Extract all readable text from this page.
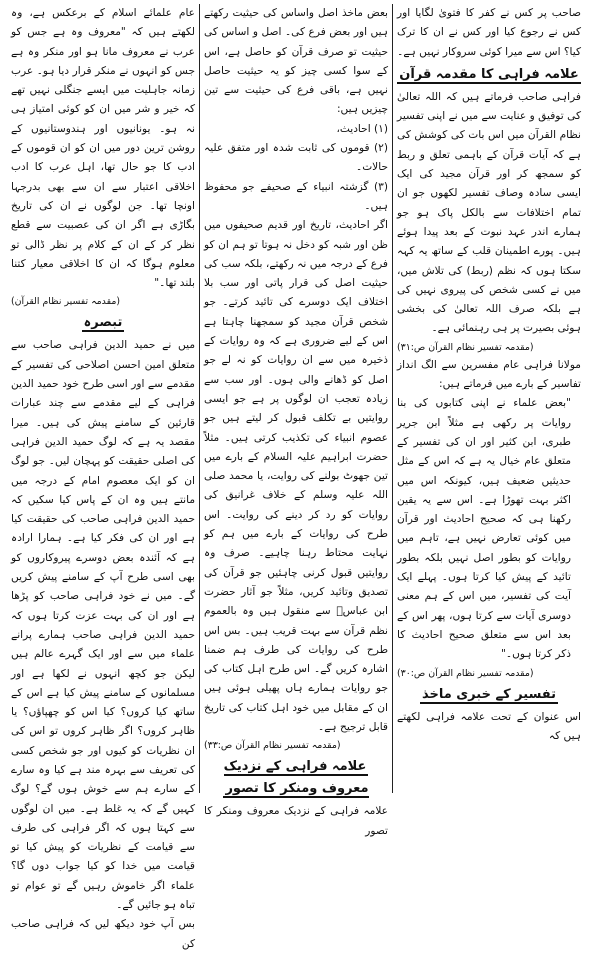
صاحب پر کس نے کفر کا فتویٰ لگایا اور کس نے رجوع کیا اور کس نے ان کا ترک کیا؟ اس سے میرا کوئی سروکار نہیں ہے۔

علامہ فراہی کا مقدمہ قرآن

فراہی صاحب فرماتے ہیں کہ اللہ تعالیٰ کی توفیق و عنایت سے میں نے اپنی تفسیر نظام القرآن میں اس بات کی کوشش کی ہے کہ آیات قرآن کے باہمی تعلق و ربط کو سمجھ کر اور قرآن مجید کی ایک ایسی سادہ وصاف تفسیر لکھوں جو ان تمام اختلافات سے بالکل پاک ہو جو ہمارے اندر عہد نبوت کے بعد پیدا ہوئے ہیں۔ پورے اطمینان قلب کے ساتھ یہ کہہ سکتا ہوں کہ نظم (ربط) کی تلاش میں، میں نے کسی شخص کی پیروی نہیں کی ہے بلکہ صرف اللہ تعالیٰ کی بخشی ہوئی بصیرت پر ہی رہنمائی ہے۔

(مقدمہ تفسیر نظام القرآن ص:۳۱)

مولانا فراہی عام مفسرین سے الگ انداز تفاسیر کے بارے میں فرماتے ہیں:

"بعض علماء نے اپنی کتابوں کی بنا روایات پر رکھی ہے مثلاً ابن جریر طبری، ابن کثیر اور ان کی تفسیر کے متعلق عام خیال یہ ہے کہ اس کے مثل حدیثیں ضعیف ہیں، کیونکہ اس میں اکثر بہت تھوڑا ہے۔ اس سے یہ یقین رکھنا ہی کہ صحیح احادیث اور قرآن میں کوئی تعارض نہیں ہے، تاہم میں روایات کو بطور اصل نہیں بلکہ بطور تائید کے پیش کیا کرتا ہوں۔ پہلے ایک آیت کی تفسیر، میں اس کے ہم معنی دوسری آیات سے کرتا ہوں، پھر اس کے بعد اس سے متعلق صحیح احادیث کا ذکر کرتا ہوں۔"

(مقدمہ تفسیر نظام القرآن ص:۳۰)

تفسیر کے خبری ماخذ

اس عنوان کے تحت علامہ فراہی لکھتے ہیں کہ

بعض ماخذ اصل واساس کی حیثیت رکھتے ہیں اور بعض فرع کی۔ اصل و اساس کی حیثیت تو صرف قرآن کو حاصل ہے، اس کے سوا کسی چیز کو یہ حیثیت حاصل نہیں ہے، باقی فرع کی حیثیت سے تین چیزیں ہیں:

(۱) احادیث،

(۲) قوموں کی ثابت شدہ اور متفق علیہ حالات۔

(۳) گزشتہ انبیاء کے صحیفے جو محفوظ ہیں۔

اگر احادیث، تاریخ اور قدیم صحیفوں میں ظن اور شبہ کو دخل نہ ہوتا تو ہم ان کو فرع کے درجہ میں نہ رکھتے، بلکہ سب کی حیثیت اصل کی قرار پاتی اور سب بلا اختلاف ایک دوسرے کی تائید کرتے۔ جو شخص قرآن مجید کو سمجھنا چاہتا ہے اس کے لیے ضروری ہے کہ وہ روایات کے ذخیرہ میں سے ان روایات کو نہ لے جو اصل کو ڈھانے والی ہوں۔ اور سب سے زیادہ تعجب ان لوگوں پر ہے جو ایسی روایتیں بے تکلف قبول کر لیتے ہیں جو عصوم انبیاء کی تکذیب کرتی ہیں۔ مثلاً حضرت ابراہیم علیہ السلام کے بارے میں تین جھوٹ بولنے کی روایت، یا محمد صلی اللہ علیہ وسلم کے خلاف غرانیق کی روایات کو رد کر دینے کی روایت۔ اس طرح کی روایات کے بارے میں ہم کو نہایت محتاط رہنا چاہیے۔ صرف وہ روایتیں قبول کرنی چاہئیں جو قرآن کی تصدیق وتائید کریں، مثلاً جو آثار حضرت ابن عباسؓ سے منقول ہیں وہ بالعموم نظم قرآن سے بہت قریب ہیں۔ بس اس طرح کی روایات کی طرف ہم ضمنا اشارہ کریں گے۔ اس طرح اہل کتاب کی جو روایات ہمارے ہاں پھیلی ہوئی ہیں ان کے مقابل میں خود اہل کتاب کی تاریخ قابل ترجیح ہے۔

(مقدمہ تفسیر نظام القرآن ص:۳۳)

علامہ فراہی کے نزدیک معروف ومنکر کا تصور

علامہ فراہی کے نزدیک معروف ومنکر کا تصور

عام علمائے اسلام کے برعکس ہے، وہ لکھتے ہیں کہ "معروف وہ ہے جس کو عرب نے معروف مانا ہو اور منکر وہ ہے جس کو انہوں نے منکر قرار دیا ہو۔ عرب زمانہ جاہلیت میں ایسے جنگلی نہیں تھے کہ خیر و شر میں ان کو کوئی امتیاز ہی نہ ہو۔ یونانیوں اور ہندوستانیوں کے روشن ترین دور میں ان کو ان قوموں کے ادب کا جو حال تھا، اہل عرب کا ادب اخلاقی اعتبار سے ان سے بھی بدرجہا اونچا تھا۔ جن لوگوں نے ان کی تاریخ بگاڑی ہے اگر ان کی عصبیت سے قطع نظر کر کے ان کے کلام پر نظر ڈالی تو معلوم ہوگا کہ ان کا اخلاقی معیار کتنا بلند تھا۔"

(مقدمہ تفسیر نظام القرآن)

تبصرہ

میں نے حمید الدین فراہی صاحب سے متعلق امین احسن اصلاحی کی تفسیر کے مقدمے سے اور اسی طرح خود حمید الدین فراہی کے لیے مقدمے سے چند عبارات قارئین کے سامنے پیش کی ہیں۔ میرا مقصد یہ ہے کہ لوگ حمید الدین فراہی کی اصلی حقیقت کو پہچان لیں۔ جو لوگ ان کو ایک معصوم امام کے درجہ میں مانتے ہیں وہ ان کے پاس کیا سکیں کہ حمید الدین فراہی صاحب کی حقیقت کیا ہے اور ان کی فکر کیا ہے۔ ہمارا ارادہ ہے کہ آئندہ بعض دوسرے پیروکاروں کو بھی اسی طرح آپ کے سامنے پیش کریں گے۔ میں نے خود فراہی صاحب کو پڑھا ہے اور ان کی بہت عزت کرتا ہوں کہ حمید الدین فراہی صاحب ہمارے پرانے علماء میں سے اور ایک گہرے عالم ہیں لیکن جو کچھ انہوں نے لکھا ہے اور مسلمانوں کے سامنے پیش کیا ہے اس کے ساتھ کیا کروں؟ کیا اس کو چھپاؤں؟ یا ظاہر کروں؟ اگر ظاہر کروں تو اس کی ان نظریات کو کیوں اور جو شخص کسی کی تعریف سے بہرہ مند ہے کیا وہ سارے کے سارے ہم سے خوش ہوں گے؟ لوگ کہیں گے کہ یہ غلط ہے۔ میں ان لوگوں سے کہتا ہوں کہ اگر فراہی کی طرف سے قیامت کے نظریات کو پیش کیا تو قیامت میں خدا کو کیا جواب دوں گا؟ علماء اگر خاموش رہیں گے تو عوام تو تباہ ہو جائیں گے۔

بس آپ خود دیکھ لیں کہ فراہی صاحب کن
